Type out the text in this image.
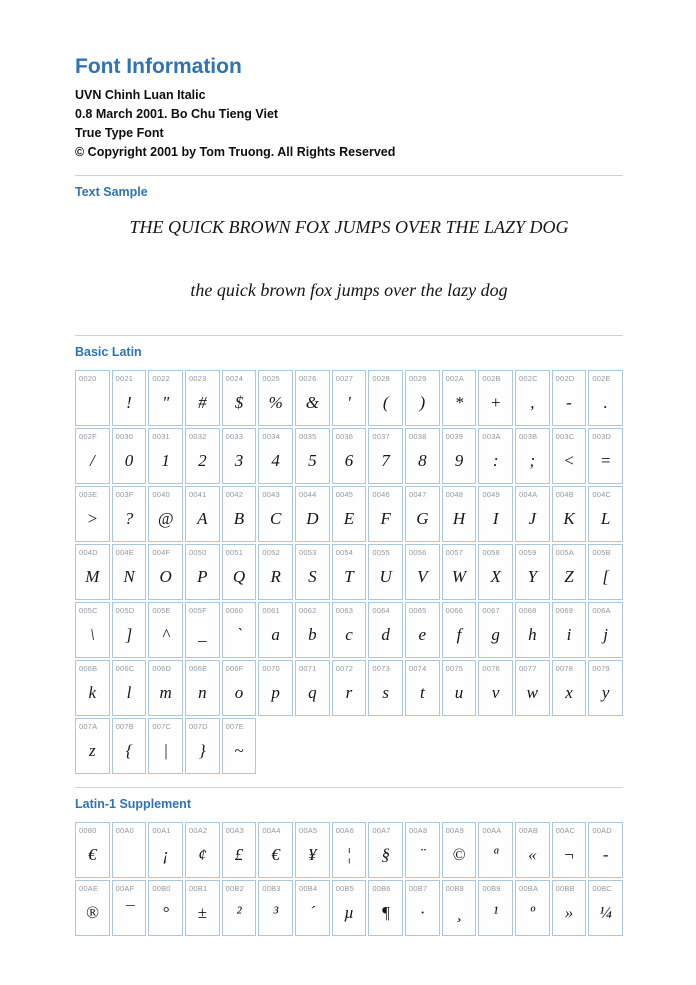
Font Information
UVN Chinh Luan Italic
0.8 March 2001. Bo Chu Tieng Viet
True Type Font
© Copyright 2001 by Tom Truong. All Rights Reserved
Text Sample
THE QUICK BROWN FOX JUMPS OVER THE LAZY DOG
the quick brown fox jumps over the lazy dog
Basic Latin
0020	0021
!
0022
"
0023
#
0024
$
0025
%
0026
&
0027
'
0028
(
0029
)
002A
*
002B
+
002C
,
002D
-
002E
.
002F
/
0030
0
0031
1
0032
2
0033
3
0034
4
0035
5
0036
6
0037
7
0038
8
0039
9
003A
:
003B
;
003C
<
003D
=
003E
>
003F
?
0040
@
0041
A
0042
B
0043
C
0044
D
0045
E
0046
F
0047
G
0048
H
0049
I
004A
J
004B
K
004C
L
004D
M
004E
N
004F
O
0050
P
0051
Q
0052
R
0053
S
0054
T
0055
U
0056
V
0057
W
0058
X
0059
Y
005A
Z
005B
[
005C
\
005D
]
005E
^
005F
_
0060
`
0061
a
0062
b
0063
c
0064
d
0065
e
0066
f
0067
g
0068
h
0069
i
006A
j
006B
k
006C
l
006D
m
006E
n
006F
o
0070
p
0071
q
0072
r
0073
s
0074
t
0075
u
0076
v
0077
w
0078
x
0079
y
007A
z
007B
{
007C
|
007D
}
007E
~
Latin-1 Supplement
0080
€
00A0	00A1
¡
00A2
¢
00A3
£
00A4
€
00A5
¥
00A6
¦
00A7
§
00A8
¨
00A9
©
00AA
ª
00AB
«
00AC
¬
00AD
-
00AE
®
00AF
¯
00B0
°
00B1
±
00B2
²
00B3
³
00B4
´
00B5
µ
00B6
¶
00B7
·
00B8
¸
00B9
¹
00BA
º
00BB
»
00BC
¼
